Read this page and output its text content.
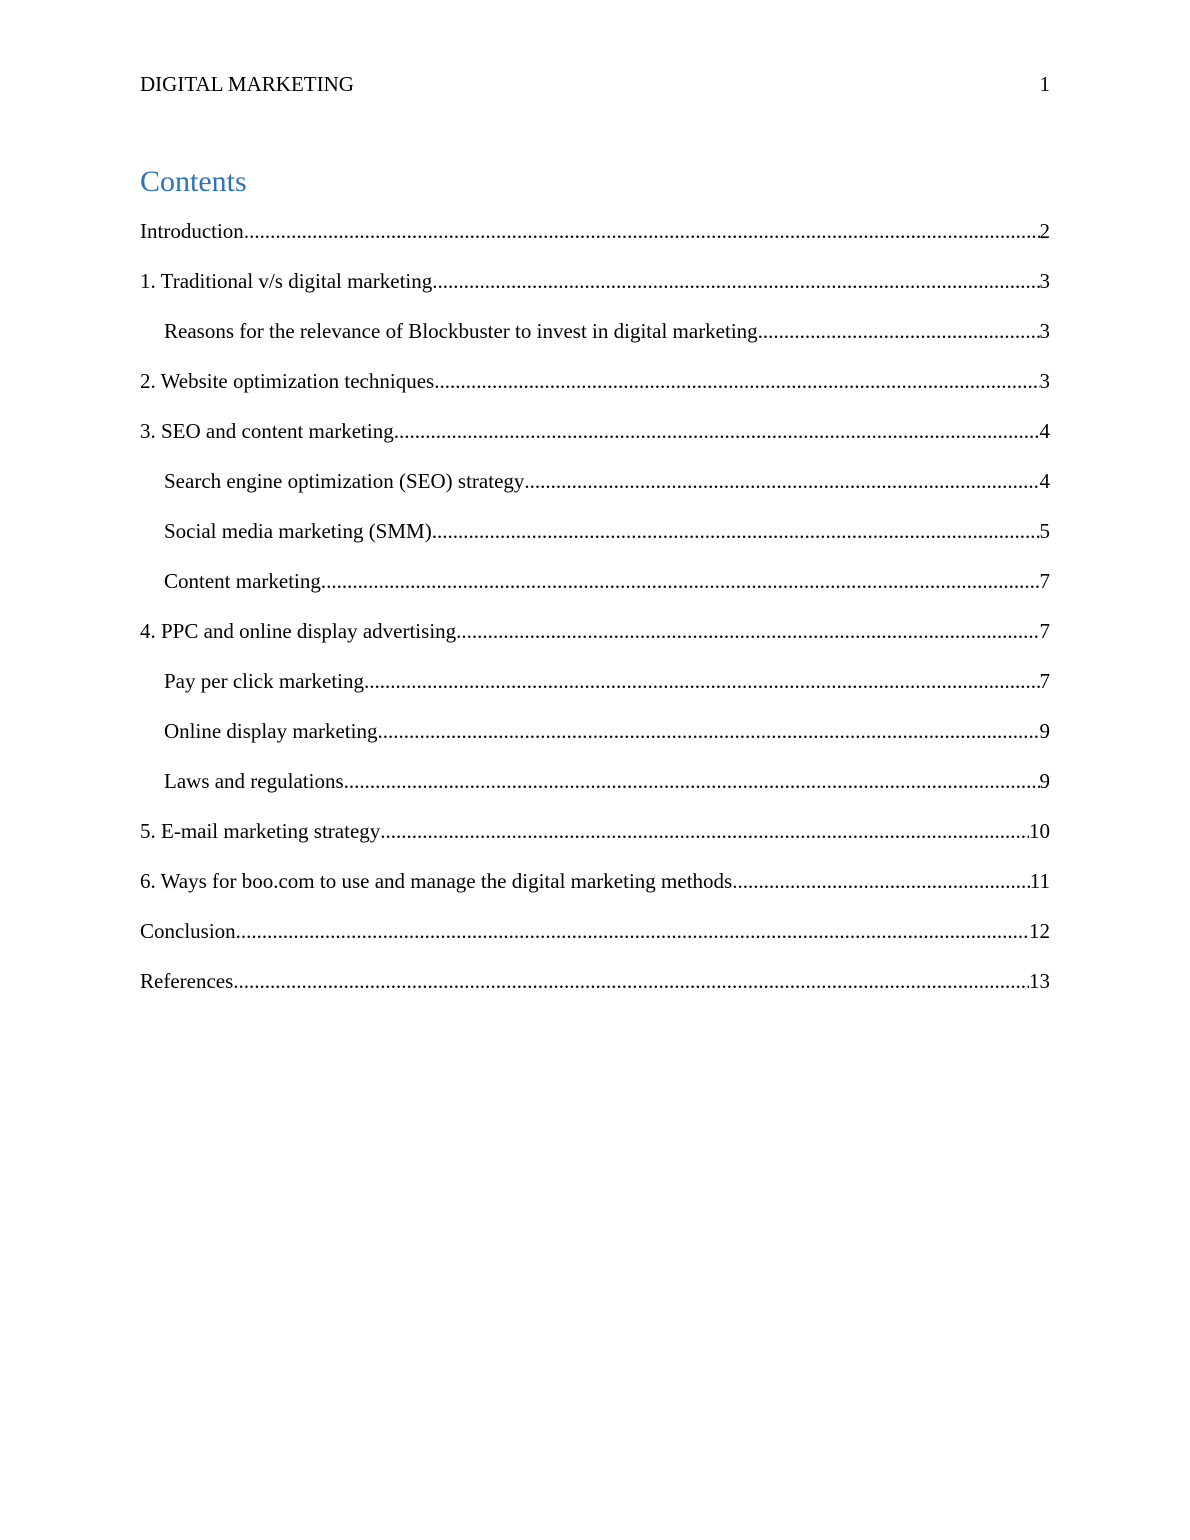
DIGITAL MARKETING	1
Contents
Introduction .....	2
1. Traditional v/s digital marketing .....	3
Reasons for the relevance of Blockbuster to invest in digital marketing .....	3
2. Website optimization techniques .....	3
3. SEO and content marketing .....	4
Search engine optimization (SEO) strategy .....	4
Social media marketing (SMM) .....	5
Content marketing .....	7
4. PPC and online display advertising .....	7
Pay per click marketing .....	7
Online display marketing .....	9
Laws and regulations .....	9
5. E-mail marketing strategy .....	10
6. Ways for boo.com to use and manage the digital marketing methods .....	11
Conclusion .....	12
References .....	13
